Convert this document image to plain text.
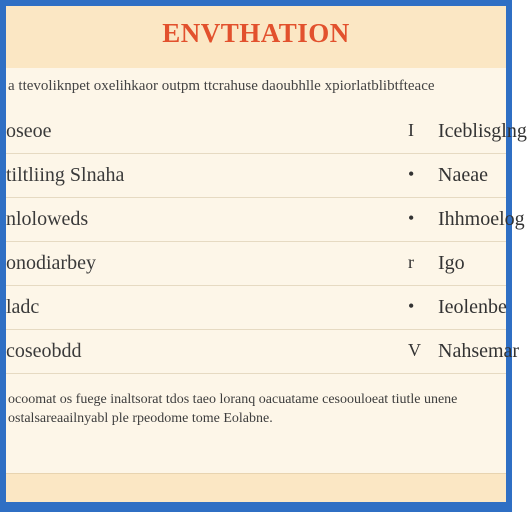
ENVTHATION
a ttevoliknpet oxelihkaor outpm ttcrahuse daoubhlle xpiorlatblibtfteace
oseoe	I Iceblisglng
tiltliing Slnaha	• Naeae
nloloweds	• Ihhmoelog
onodiarbey	r Igo
ladc	• Ieolenbe
coseobdd	V Nahsemar
ocoomat os fuege inaltsorat tdos taeo loranq oacuatame cesoouloeat tiutle unene
ostalsareaailnyabl ple rpeodome tome Eolabne.
